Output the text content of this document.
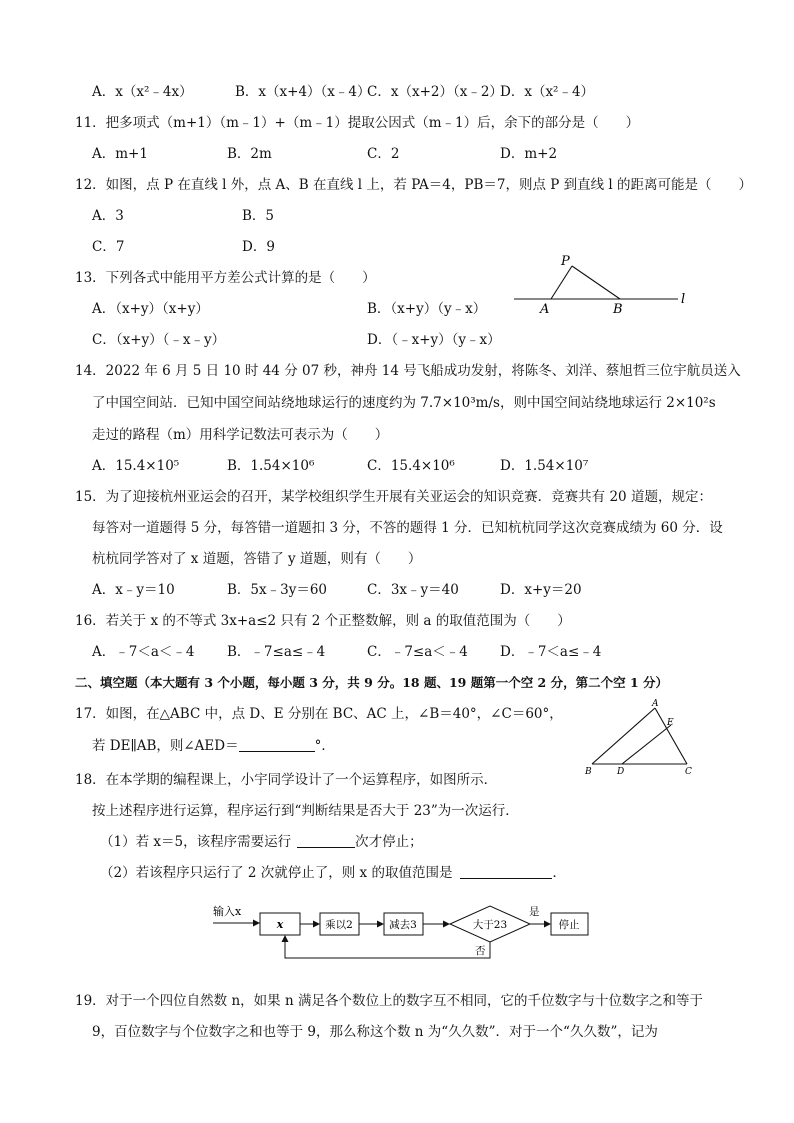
A．x（x²﹣4x）	B．x（x+4）（x﹣4）
C．x（x+2）（x﹣2）
D．x（x²﹣4）
11．把多项式（m+1）（m﹣1）+（m﹣1）提取公因式（m﹣1）后，余下的部分是（　　）
A．m+1	B．2m	C．2	D．m+2
12．如图，点 P 在直线 l 外，点 A、B 在直线 l 上，若 PA＝4，PB＝7，则点 P 到直线 l 的距离可能是（　　）
A．3	B．5
C．7	D．9
P
A	B
l
13．下列各式中能用平方差公式计算的是（　　）
A．（x+y）（x+y）	B．（x+y）（y﹣x）
C．（x+y）（﹣x﹣y）	D．（﹣x+y）（y﹣x）
14．2022 年 6 月 5 日 10 时 44 分 07 秒，神舟 14 号飞船成功发射，将陈冬、刘洋、蔡旭哲三位宇航员送入
了中国空间站．已知中国空间站绕地球运行的速度约为 7.7×10³m/s，则中国空间站绕地球运行 2×10²s
走过的路程（m）用科学记数法可表示为（　　）
A．15.4×10⁵	B．1.54×10⁶	C．15.4×10⁶	D．1.54×10⁷
15．为了迎接杭州亚运会的召开，某学校组织学生开展有关亚运会的知识竞赛．竞赛共有 20 道题，规定：
每答对一道题得 5 分，每答错一道题扣 3 分，不答的题得 1 分．已知杭杭同学这次竞赛成绩为 60 分．设
杭杭同学答对了 x 道题，答错了 y 道题，则有（　　）
A．x﹣y＝10	B．5x﹣3y＝60	C．3x﹣y＝40	D．x+y＝20
16．若关于 x 的不等式 3x+a≤2 只有 2 个正整数解，则 a 的取值范围为（　　）
A．﹣7＜a＜﹣4 B．﹣7≤a≤﹣4	C．﹣7≤a＜﹣4 D．﹣7＜a≤﹣4
二、填空题（本大题有 3 个小题，每小题 3 分，共 9 分。18 题、19 题第一个空 2 分，第二个空 1 分）
17．如图，在△ABC 中，点 D、E 分别在 BC、AC 上，∠B＝40°，∠C＝60°，
若 DE∥AB，则∠AED＝	°．
A
E
B	D	C
18．在本学期的编程课上，小宇同学设计了一个运算程序，如图所示．
按上述程序进行运算，程序运行到“判断结果是否大于 23”为一次运行．
（1）若 x＝5，该程序需要运行	次才停止；
（2）若该程序只运行了 2 次就停止了，则 x 的取值范围是	．
输入x
x	乘以2	减去3	大于23
是
停止
否
19．对于一个四位自然数 n，如果 n 满足各个数位上的数字互不相同，它的千位数字与十位数字之和等于
9，百位数字与个位数字之和也等于 9，那么称这个数 n 为“久久数”．对于一个“久久数”，记为
